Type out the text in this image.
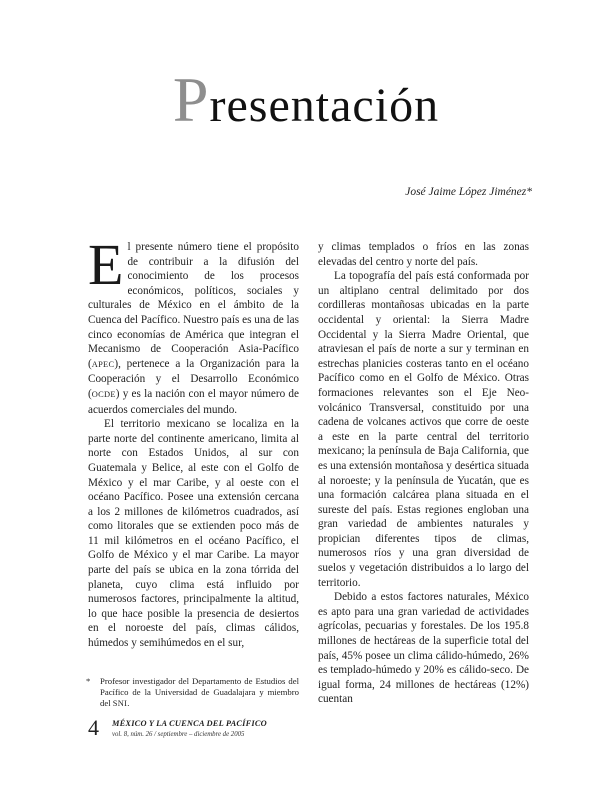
Presentación
José Jaime López Jiménez*

El presente número tiene el propósito de contribuir a la difusión del conocimiento de los procesos económicos, políticos, sociales y culturales de México en el ámbito de la Cuenca del Pacífico. Nuestro país es una de las cinco economías de América que integran el Mecanismo de Cooperación Asia-Pacífico (APEC), pertenece a la Organización para la Cooperación y el Desarrollo Económico (OCDE) y es la nación con el mayor número de acuerdos comerciales del mundo.

El territorio mexicano se localiza en la parte norte del continente americano, limita al norte con Estados Unidos, al sur con Guatemala y Belice, al este con el Golfo de México y el mar Caribe, y al oeste con el océano Pacífico. Posee una extensión cercana a los 2 millones de kilómetros cuadrados, así como litorales que se extienden poco más de 11 mil kilómetros en el océano Pacífico, el Golfo de México y el mar Caribe. La mayor parte del país se ubica en la zona tórrida del planeta, cuyo clima está influido por numerosos factores, principalmente la altitud, lo que hace posible la presencia de desiertos en el noroeste del país, climas cálidos, húmedos y semihúmedos en el sur,

y climas templados o fríos en las zonas elevadas del centro y norte del país.

La topografía del país está conformada por un altiplano central delimitado por dos cordilleras montañosas ubicadas en la parte occidental y oriental: la Sierra Madre Occidental y la Sierra Madre Oriental, que atraviesan el país de norte a sur y terminan en estrechas planicies costeras tanto en el océano Pacífico como en el Golfo de México. Otras formaciones relevantes son el Eje Neo-volcánico Transversal, constituido por una cadena de volcanes activos que corre de oeste a este en la parte central del territorio mexicano; la península de Baja California, que es una extensión montañosa y desértica situada al noroeste; y la península de Yucatán, que es una formación calcárea plana situada en el sureste del país. Estas regiones engloban una gran variedad de ambientes naturales y propician diferentes tipos de climas, numerosos ríos y una gran diversidad de suelos y vegetación distribuidos a lo largo del territorio.

Debido a estos factores naturales, México es apto para una gran variedad de actividades agrícolas, pecuarias y forestales. De los 195.8 millones de hectáreas de la superficie total del país, 45% posee un clima cálido-húmedo, 26% es templado-húmedo y 20% es cálido-seco. De igual forma, 24 millones de hectáreas (12%) cuentan

*	Profesor investigador del Departamento de Estudios del Pacífico de la Universidad de Guadalajara y miembro del SNI.
4 MÉXICO Y LA CUENCA DEL PACÍFICO
vol. 8, núm. 26 / septiembre – diciembre de 2005
